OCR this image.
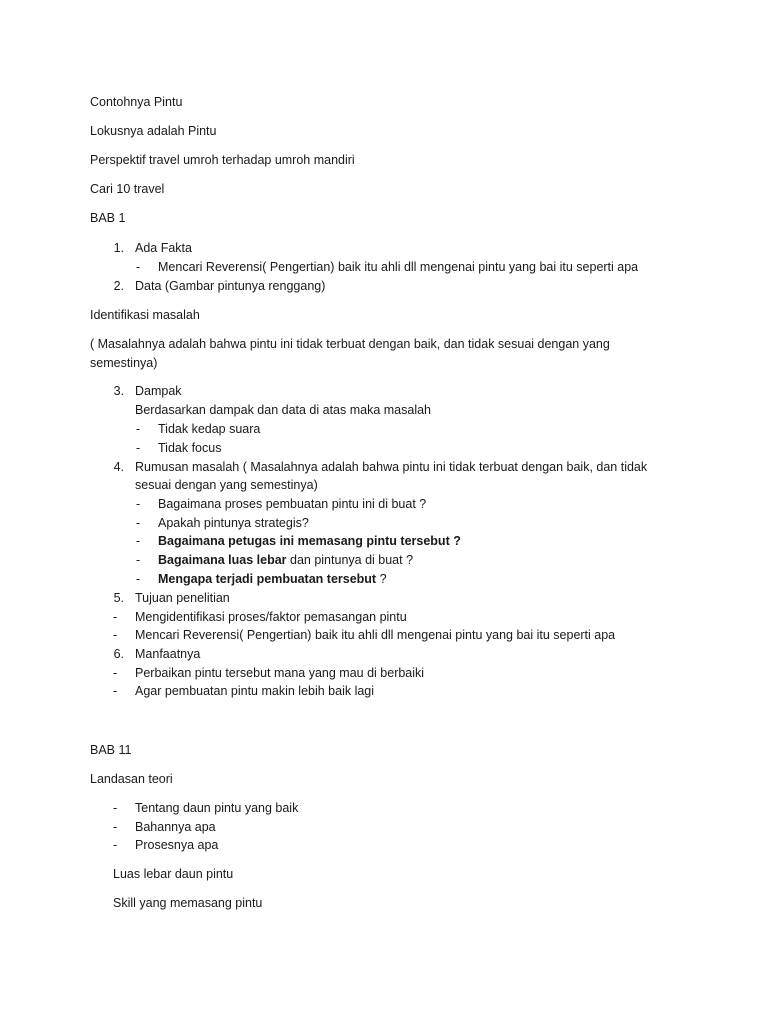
Contohnya Pintu
Lokusnya adalah Pintu
Perspektif travel umroh terhadap umroh mandiri
Cari 10 travel
BAB 1
1. Ada Fakta
- Mencari Reverensi( Pengertian) baik itu ahli dll mengenai pintu yang bai itu seperti apa
2. Data (Gambar pintunya renggang)
Identifikasi masalah
( Masalahnya adalah bahwa pintu ini tidak terbuat dengan baik, dan tidak sesuai dengan yang
semestinya)
3. Dampak
Berdasarkan dampak dan data di atas maka masalah
- Tidak kedap suara
- Tidak focus
4. Rumusan masalah ( Masalahnya adalah bahwa pintu ini tidak terbuat dengan baik, dan tidak
sesuai dengan yang semestinya)
- Bagaimana proses pembuatan pintu ini di buat ?
- Apakah pintunya strategis?
- Bagaimana petugas ini memasang pintu tersebut ?
- Bagaimana luas lebar dan pintunya di buat ?
- Mengapa terjadi pembuatan tersebut ?
5. Tujuan penelitian
- Mengidentifikasi proses/faktor pemasangan pintu
- Mencari Reverensi( Pengertian) baik itu ahli dll mengenai pintu yang bai itu seperti apa
6. Manfaatnya
- Perbaikan pintu tersebut mana yang mau di berbaiki
- Agar pembuatan pintu makin lebih baik lagi
BAB 11
Landasan teori
- Tentang daun pintu yang baik
- Bahannya apa
- Prosesnya apa
Luas lebar daun pintu
Skill yang memasang pintu
